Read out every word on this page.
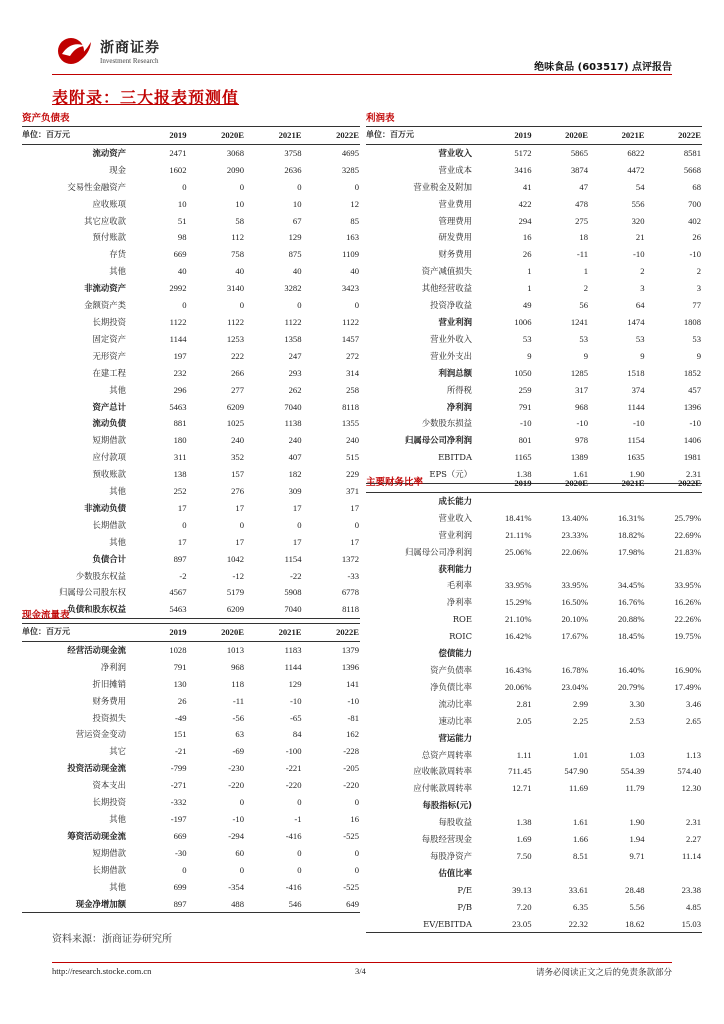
浙商证券
Investment Research
绝味食品 (603517) 点评报告
表附录：三大报表预测值
资产负债表
单位：百万元	2019	2020E	2021E	2022E
流动资产	2471	3068	3758	4695
现金	1602	2090	2636	3285
交易性金融资产	0	0	0	0
应收账项	10	10	10	12
其它应收款	51	58	67	85
预付账款	98	112	129	163
存货	669	758	875	1109
其他	40	40	40	40
非流动资产	2992	3140	3282	3423
金额资产类	0	0	0	0
长期投资	1122	1122	1122	1122
固定资产	1144	1253	1358	1457
无形资产	197	222	247	272
在建工程	232	266	293	314
其他	296	277	262	258
资产总计	5463	6209	7040	8118
流动负债	881	1025	1138	1355
短期借款	180	240	240	240
应付款项	311	352	407	515
预收账款	138	157	182	229
其他	252	276	309	371
非流动负债	17	17	17	17
长期借款	0	0	0	0
其他	17	17	17	17
负债合计	897	1042	1154	1372
少数股东权益	-2	-12	-22	-33
归属母公司股东权	4567	5179	5908	6778
负债和股东权益	5463	6209	7040	8118
现金流量表
单位：百万元	2019	2020E	2021E	2022E
经营活动现金流	1028	1013	1183	1379
净利润	791	968	1144	1396
折旧摊销	130	118	129	141
财务费用	26	-11	-10	-10
投资损失	-49	-56	-65	-81
营运资金变动	151	63	84	162
其它	-21	-69	-100	-228
投资活动现金流	-799	-230	-221	-205
资本支出	-271	-220	-220	-220
长期投资	-332	0	0	0
其他	-197	-10	-1	16
筹资活动现金流	669	-294	-416	-525
短期借款	-30	60	0	0
长期借款	0	0	0	0
其他	699	-354	-416	-525
现金净增加额	897	488	546	649
利润表
单位：百万元	2019	2020E	2021E	2022E
营业收入	5172	5865	6822	8581
营业成本	3416	3874	4472	5668
营业税金及附加	41	47	54	68
营业费用	422	478	556	700
管理费用	294	275	320	402
研发费用	16	18	21	26
财务费用	26	-11	-10	-10
资产减值损失	1	1	2	2
其他经营收益	1	2	3	3
投资净收益	49	56	64	77
营业利润	1006	1241	1474	1808
营业外收入	53	53	53	53
营业外支出	9	9	9	9
利润总额	1050	1285	1518	1852
所得税	259	317	374	457
净利润	791	968	1144	1396
少数股东损益	-10	-10	-10	-10
归属母公司净利润	801	978	1154	1406
EBITDA	1165	1389	1635	1981
EPS（元）	1.38	1.61	1.90	2.31
主要财务比率	2019	2020E	2021E	2022E
成长能力				
营业收入	18.41%	13.40%	16.31%	25.79%
营业利润	21.11%	23.33%	18.82%	22.69%
归属母公司净利润	25.06%	22.06%	17.98%	21.83%
获利能力				
毛利率	33.95%	33.95%	34.45%	33.95%
净利率	15.29%	16.50%	16.76%	16.26%
ROE	21.10%	20.10%	20.88%	22.26%
ROIC	16.42%	17.67%	18.45%	19.75%
偿债能力				
资产负债率	16.43%	16.78%	16.40%	16.90%
净负债比率	20.06%	23.04%	20.79%	17.49%
流动比率	2.81	2.99	3.30	3.46
速动比率	2.05	2.25	2.53	2.65
营运能力				
总资产周转率	1.11	1.01	1.03	1.13
应收帐款周转率	711.45	547.90	554.39	574.40
应付帐款周转率	12.71	11.69	11.79	12.30
每股指标(元)				
每股收益	1.38	1.61	1.90	2.31
每股经营现金	1.69	1.66	1.94	2.27
每股净资产	7.50	8.51	9.71	11.14
估值比率				
P/E	39.13	33.61	28.48	23.38
P/B	7.20	6.35	5.56	4.85
EV/EBITDA	23.05	22.32	18.62	15.03
资料来源：浙商证券研究所
http://research.stocke.com.cn	3/4	请务必阅读正文之后的免责条款部分
